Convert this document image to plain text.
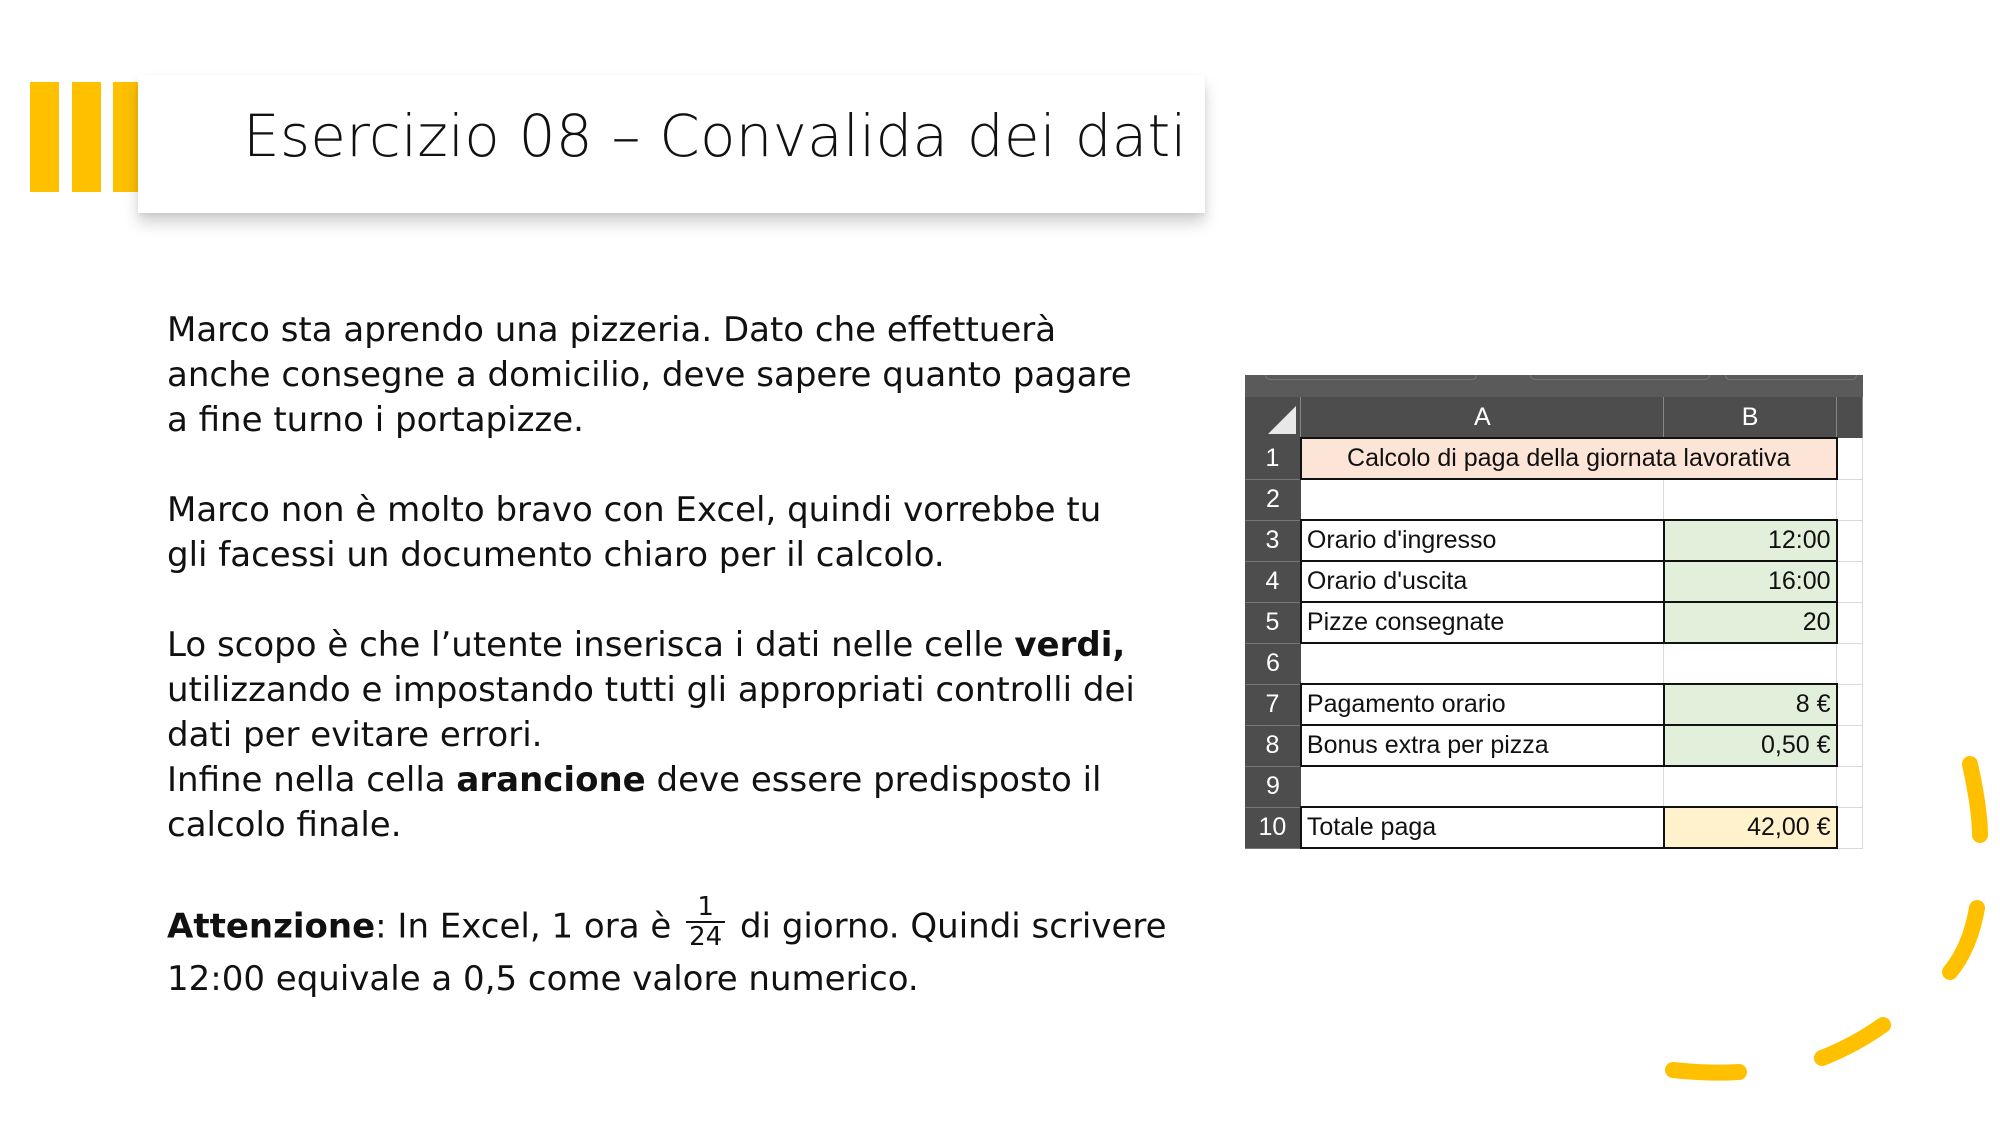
Esercizio 08 – Convalida dei dati

Marco sta aprendo una pizzeria. Dato che effettuerà
anche consegne a domicilio, deve sapere quanto pagare
a fine turno i portapizze.

Marco non è molto bravo con Excel, quindi vorrebbe tu
gli facessi un documento chiaro per il calcolo.

Lo scopo è che l’utente inserisca i dati nelle celle verdi,
utilizzando e impostando tutti gli appropriati controlli dei
dati per evitare errori.
Infine nella cella arancione deve essere predisposto il
calcolo finale.

Attenzione: In Excel, 1 ora è $\frac{1}{24}$ di giorno. Quindi scrivere
12:00 equivale a 0,5 come valore numerico.

	A	B	
1	Calcolo di paga della giornata lavorativa		
2			
3	Orario d'ingresso	12:00	
4	Orario d'uscita	16:00	
5	Pizze consegnate	20	
6			
7	Pagamento orario	8 €	
8	Bonus extra per pizza	0,50 €	
9			
10	Totale paga	42,00 €	
